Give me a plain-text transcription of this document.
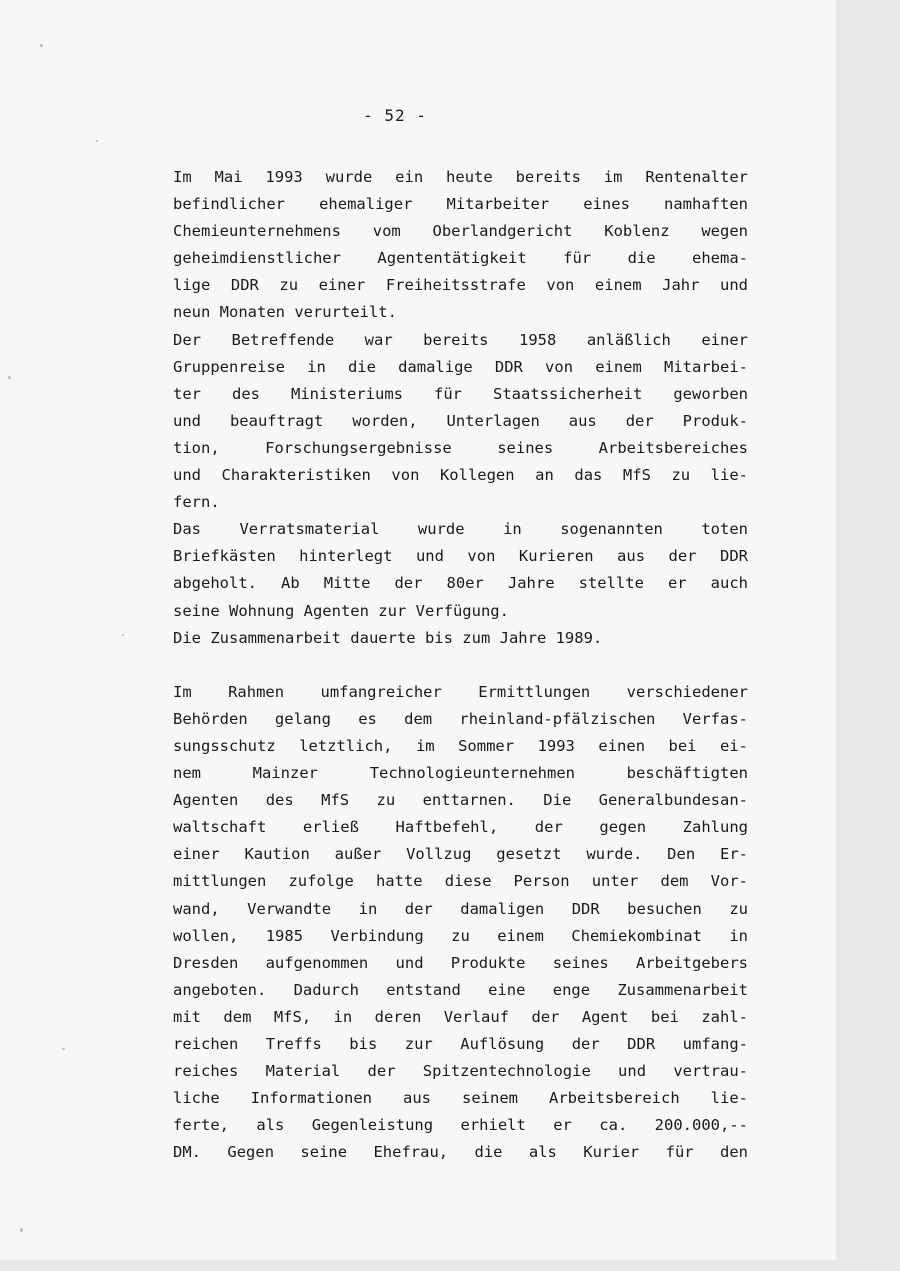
- 52 -
Im Mai 1993 wurde ein heute bereits im Rentenalter
befindlicher ehemaliger Mitarbeiter eines namhaften
Chemieunternehmens vom Oberlandgericht Koblenz wegen
geheimdienstlicher Agententätigkeit für die ehema-
lige DDR zu einer Freiheitsstrafe von einem Jahr und
neun Monaten verurteilt.
Der Betreffende war bereits 1958 anläßlich einer
Gruppenreise in die damalige DDR von einem Mitarbei-
ter des Ministeriums für Staatssicherheit geworben
und beauftragt worden, Unterlagen aus der Produk-
tion, Forschungsergebnisse seines Arbeitsbereiches
und Charakteristiken von Kollegen an das MfS zu lie-
fern.
Das Verratsmaterial wurde in sogenannten toten
Briefkästen hinterlegt und von Kurieren aus der DDR
abgeholt. Ab Mitte der 80er Jahre stellte er auch
seine Wohnung Agenten zur Verfügung.
Die Zusammenarbeit dauerte bis zum Jahre 1989.
Im Rahmen umfangreicher Ermittlungen verschiedener
Behörden gelang es dem rheinland-pfälzischen Verfas-
sungsschutz letztlich, im Sommer 1993 einen bei ei-
nem Mainzer Technologieunternehmen beschäftigten
Agenten des MfS zu enttarnen. Die Generalbundesan-
waltschaft erließ Haftbefehl, der gegen Zahlung
einer Kaution außer Vollzug gesetzt wurde. Den Er-
mittlungen zufolge hatte diese Person unter dem Vor-
wand, Verwandte in der damaligen DDR besuchen zu
wollen, 1985 Verbindung zu einem Chemiekombinat in
Dresden aufgenommen und Produkte seines Arbeitgebers
angeboten. Dadurch entstand eine enge Zusammenarbeit
mit dem MfS, in deren Verlauf der Agent bei zahl-
reichen Treffs bis zur Auflösung der DDR umfang-
reiches Material der Spitzentechnologie und vertrau-
liche Informationen aus seinem Arbeitsbereich lie-
ferte, als Gegenleistung erhielt er ca. 200.000,--
DM. Gegen seine Ehefrau, die als Kurier für den
